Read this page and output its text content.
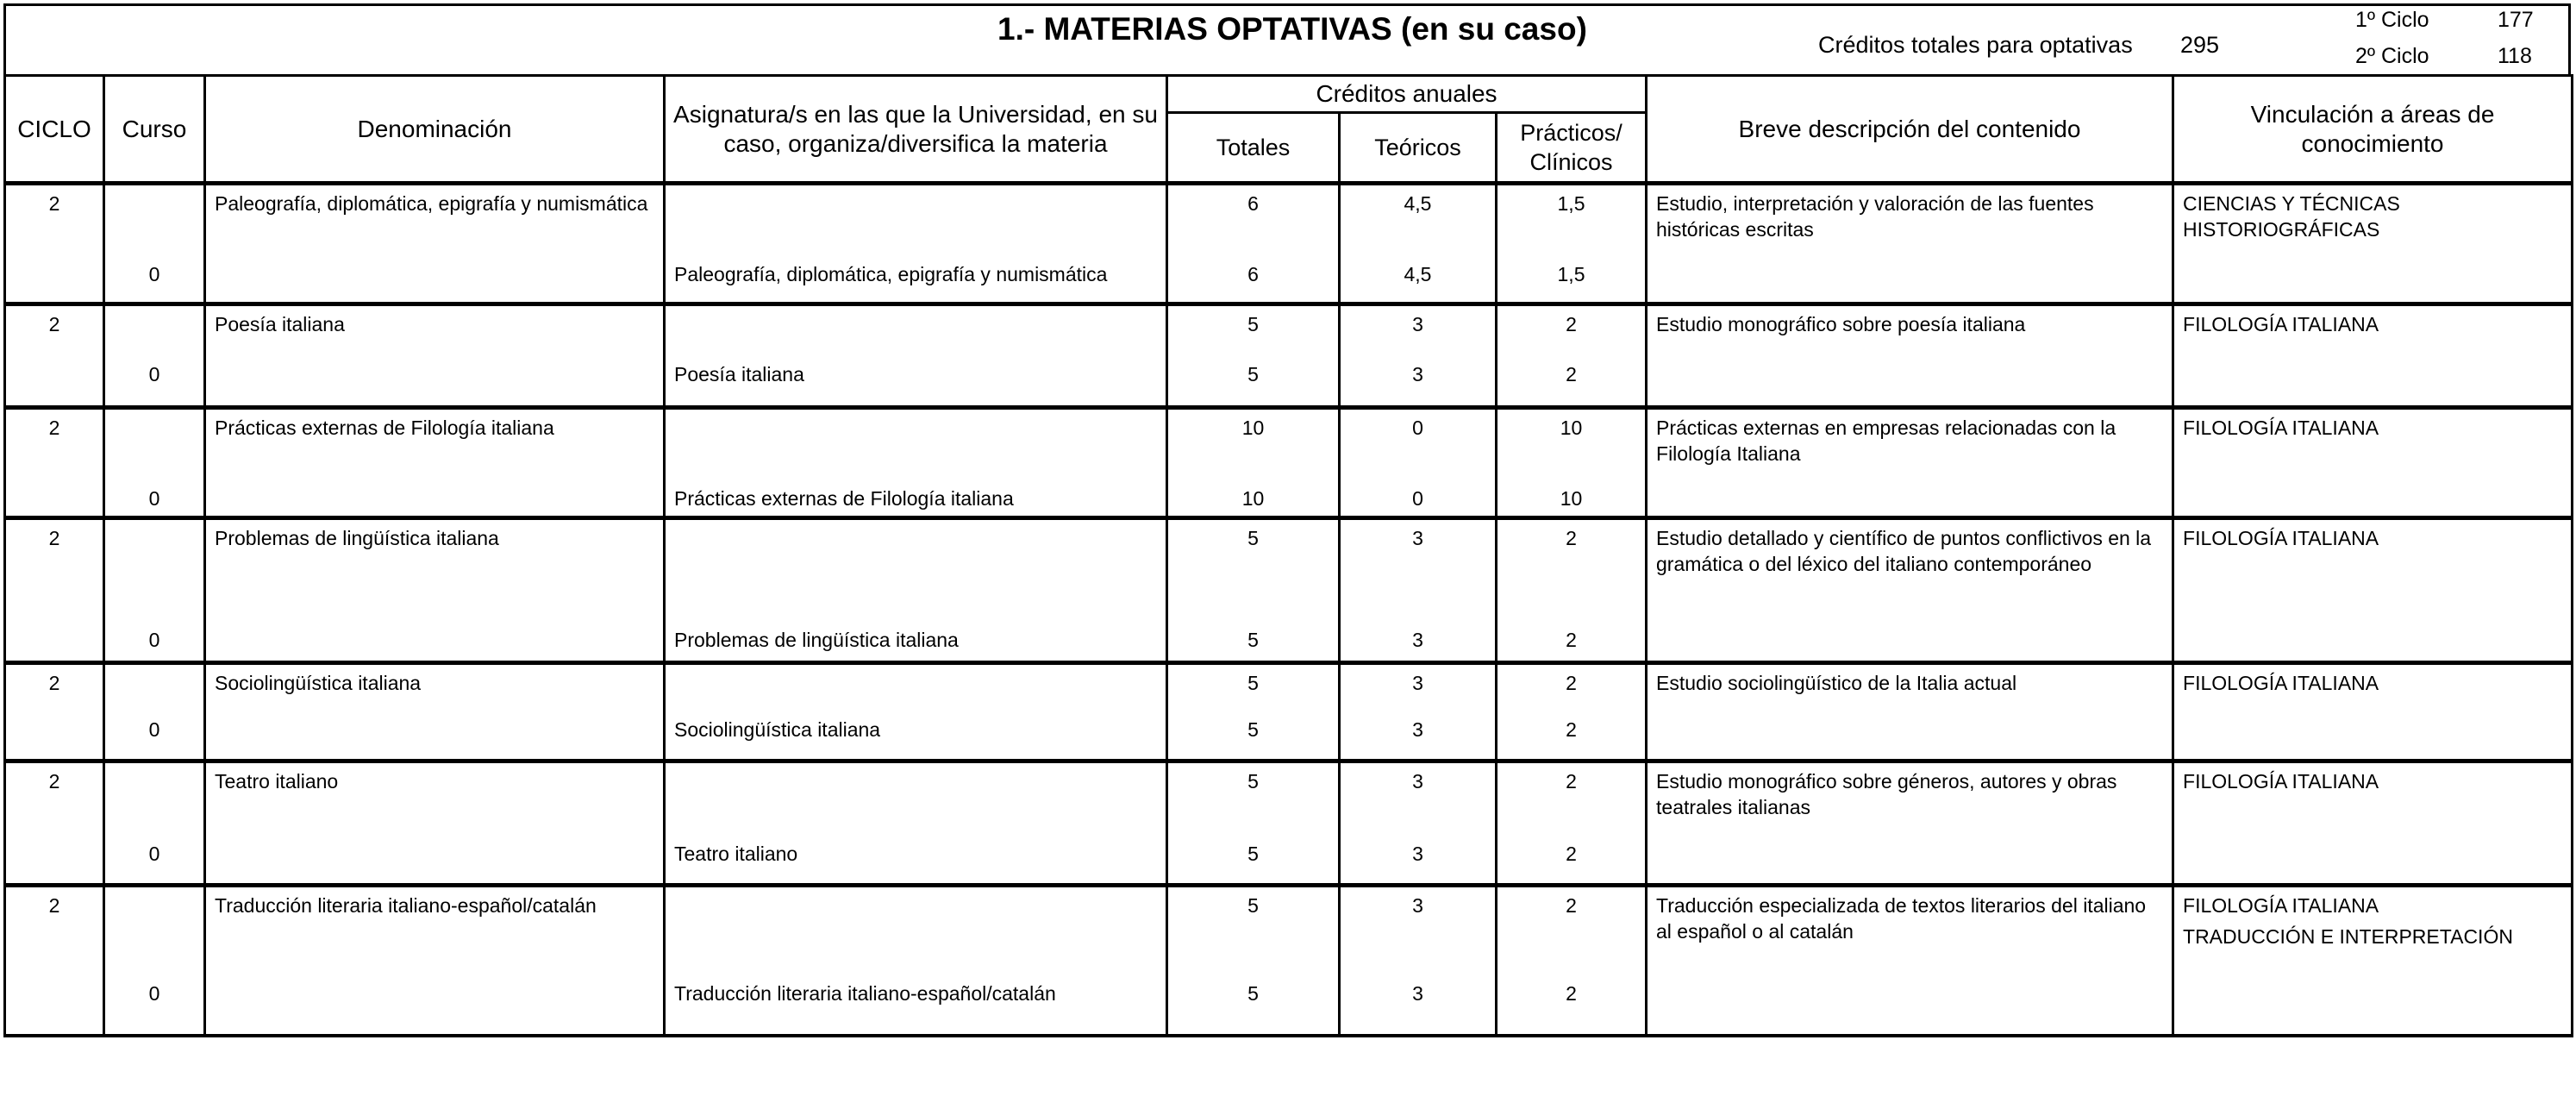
1.- MATERIAS OPTATIVAS (en su caso)	Créditos totales para optativas 295
1º Ciclo	177
2º Ciclo	118
CICLO	Curso	Denominación	Asignatura/s en las que la Universidad, en su caso, organiza/diversifica la materia	Créditos anuales			Breve descripción del contenido	Vinculación a áreas de conocimiento
				Totales	Teóricos	Prácticos/ Clínicos		
2		Paleografía, diplomática, epigrafía y numismática		6	4,5	1,5	Estudio, interpretación y valoración de las fuentes históricas escritas	CIENCIAS Y TÉCNICAS HISTORIOGRÁFICAS

	0		Paleografía, diplomática, epigrafía y numismática	6	4,5	1,5		
2		Poesía italiana		5	3	2	Estudio monográfico sobre poesía italiana	FILOLOGÍA ITALIANA

	0		Poesía italiana	5	3	2		
2		Prácticas externas de Filología italiana		10	0	10	Prácticas externas en empresas relacionadas con la Filología Italiana	FILOLOGÍA ITALIANA

	0		Prácticas externas de Filología italiana	10	0	10		
2		Problemas de lingüística italiana		5	3	2	Estudio detallado y científico de puntos conflictivos en la gramática o del léxico del italiano contemporáneo	FILOLOGÍA ITALIANA

	0		Problemas de lingüística italiana	5	3	2		
2		Sociolingüística italiana		5	3	2	Estudio sociolingüístico de la Italia actual	FILOLOGÍA ITALIANA

	0		Sociolingüística italiana	5	3	2		
2		Teatro italiano		5	3	2	Estudio monográfico sobre géneros, autores y obras teatrales italianas	FILOLOGÍA ITALIANA

	0		Teatro italiano	5	3	2		
2		Traducción literaria italiano-español/catalán		5	3	2	Traducción especializada de textos literarios del italiano al español o al catalán	FILOLOGÍA ITALIANA
TRADUCCIÓN E INTERPRETACIÓN

	0		Traducción literaria italiano-español/catalán	5	3	2		
